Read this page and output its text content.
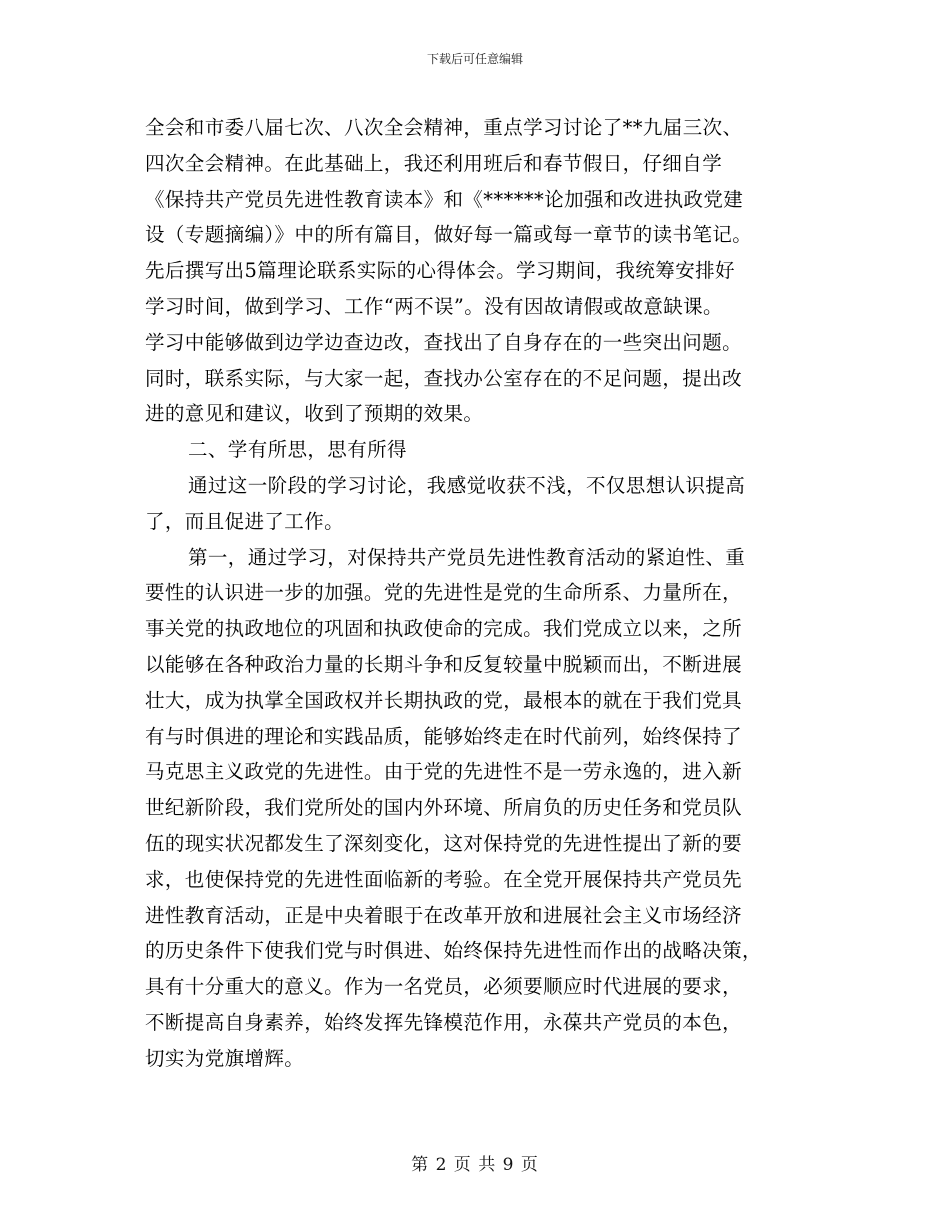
下载后可任意编辑
全会和市委八届七次、八次全会精神，重点学习讨论了**九届三次、
四次全会精神。在此基础上，我还利用班后和春节假日，仔细自学
《保持共产党员先进性教育读本》和《******论加强和改进执政党建
设（专题摘编）》中的所有篇目，做好每一篇或每一章节的读书笔记。
先后撰写出5篇理论联系实际的心得体会。学习期间，我统筹安排好
学习时间，做到学习、工作“两不误”。没有因故请假或故意缺课。
学习中能够做到边学边查边改，查找出了自身存在的一些突出问题。
同时，联系实际，与大家一起，查找办公室存在的不足问题，提出改
进的意见和建议，收到了预期的效果。
二、学有所思，思有所得
通过这一阶段的学习讨论，我感觉收获不浅，不仅思想认识提高
了，而且促进了工作。
第一，通过学习，对保持共产党员先进性教育活动的紧迫性、重
要性的认识进一步的加强。党的先进性是党的生命所系、力量所在，
事关党的执政地位的巩固和执政使命的完成。我们党成立以来，之所
以能够在各种政治力量的长期斗争和反复较量中脱颖而出，不断进展
壮大，成为执掌全国政权并长期执政的党，最根本的就在于我们党具
有与时俱进的理论和实践品质，能够始终走在时代前列，始终保持了
马克思主义政党的先进性。由于党的先进性不是一劳永逸的，进入新
世纪新阶段，我们党所处的国内外环境、所肩负的历史任务和党员队
伍的现实状况都发生了深刻变化，这对保持党的先进性提出了新的要
求，也使保持党的先进性面临新的考验。在全党开展保持共产党员先
进性教育活动，正是中央着眼于在改革开放和进展社会主义市场经济
的历史条件下使我们党与时俱进、始终保持先进性而作出的战略决策，
具有十分重大的意义。作为一名党员，必须要顺应时代进展的要求，
不断提高自身素养，始终发挥先锋模范作用，永葆共产党员的本色，
切实为党旗增辉。
第 2 页 共 9 页
